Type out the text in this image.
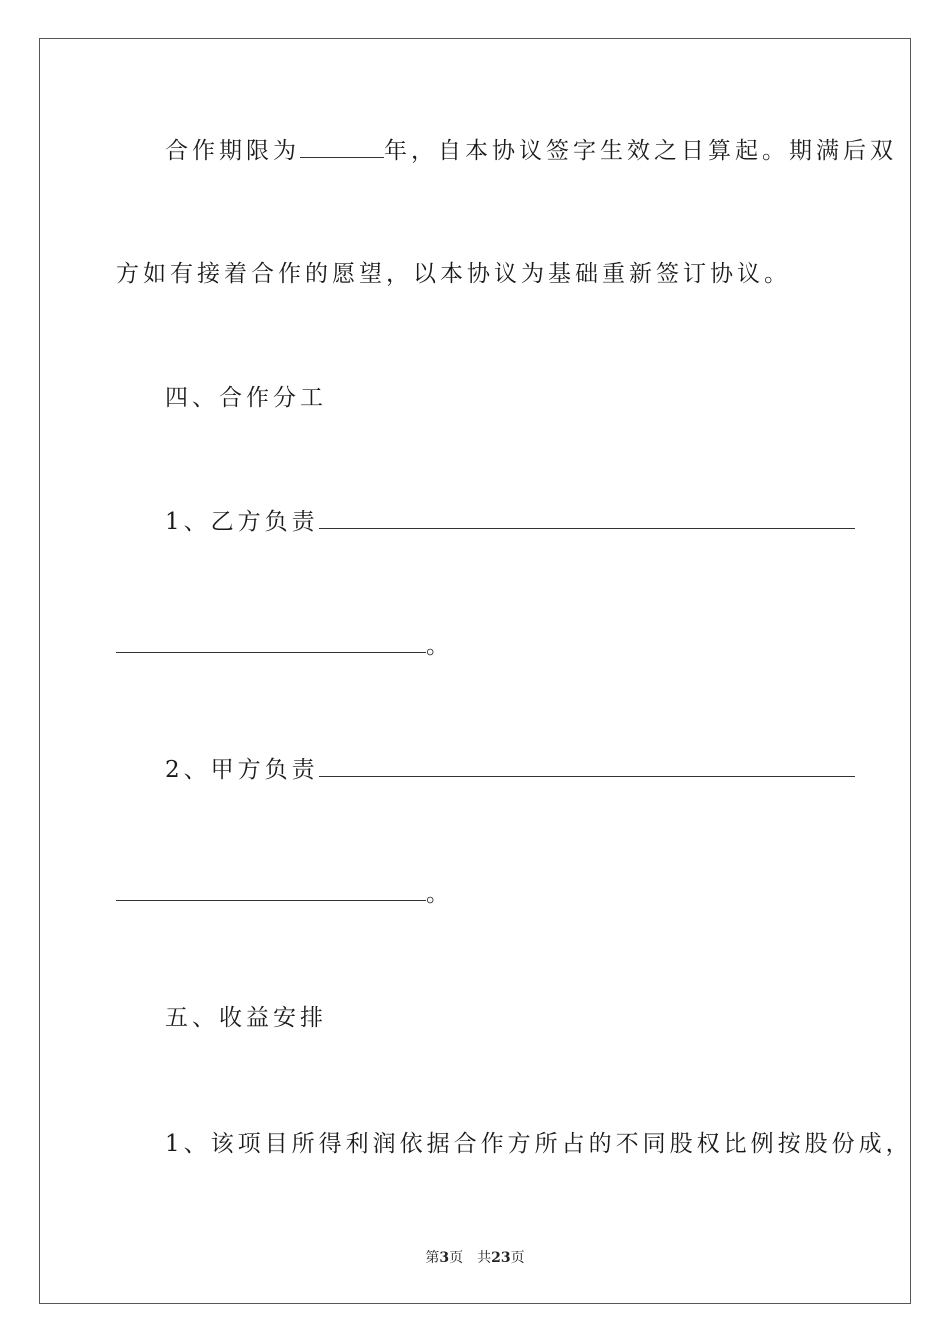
合作期限为	年，自本协议签字生效之日算起。期满后双
方如有接着合作的愿望，以本协议为基础重新签订协议。
四、合作分工
1、乙方负责
。
2、甲方负责
。
五、收益安排
1、该项目所得利润依据合作方所占的不同股权比例按股份成，
第3页 共23页
